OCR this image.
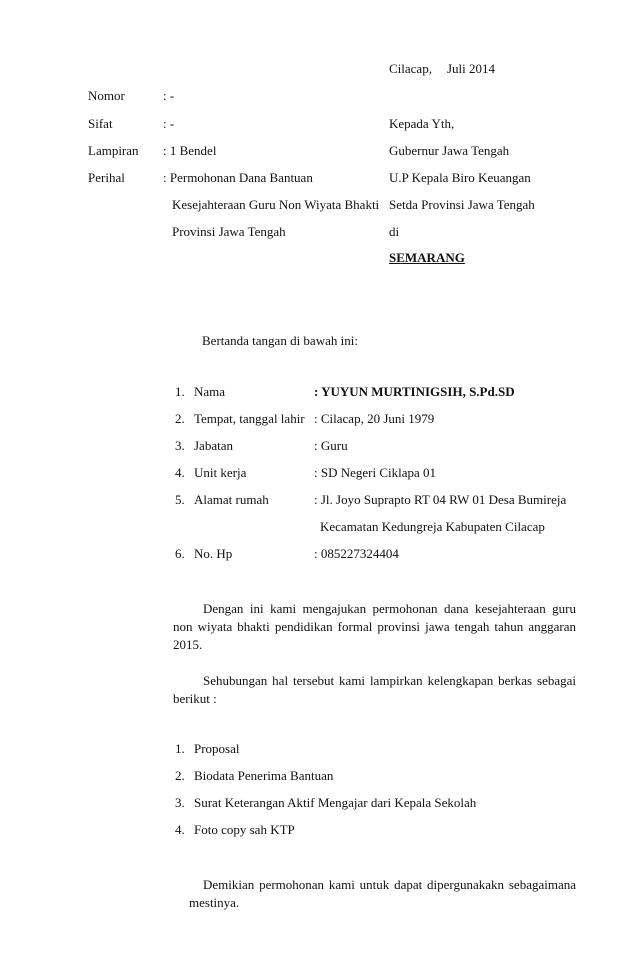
Cilacap, Juli 2014
Nomor	: -
Sifat	: -
Lampiran : 1 Bendel
Perihal	: Permohonan Dana Bantuan
Kesejahteraan Guru Non Wiyata Bhakti
Provinsi Jawa Tengah
Kepada Yth,
Gubernur Jawa Tengah
U.P Kepala Biro Keuangan
Setda Provinsi Jawa Tengah
di
SEMARANG
Bertanda tangan di bawah ini:
1. Nama	: YUYUN MURTINIGSIH, S.Pd.SD
2. Tempat, tanggal lahir : Cilacap, 20 Juni 1979
3. Jabatan	: Guru
4. Unit kerja	: SD Negeri Ciklapa 01
5. Alamat rumah	: Jl. Joyo Suprapto RT 04 RW 01 Desa Bumireja
Kecamatan Kedungreja Kabupaten Cilacap
6. No. Hp	: 085227324404
Dengan ini kami mengajukan permohonan dana kesejahteraan guru non wiyata bhakti pendidikan formal provinsi jawa tengah tahun anggaran 2015.
Sehubungan hal tersebut kami lampirkan kelengkapan berkas sebagai berikut :
1. Proposal
2. Biodata Penerima Bantuan
3. Surat Keterangan Aktif Mengajar dari Kepala Sekolah
4. Foto copy sah KTP
Demikian permohonan kami untuk dapat dipergunakakn sebagaimana mestinya.
